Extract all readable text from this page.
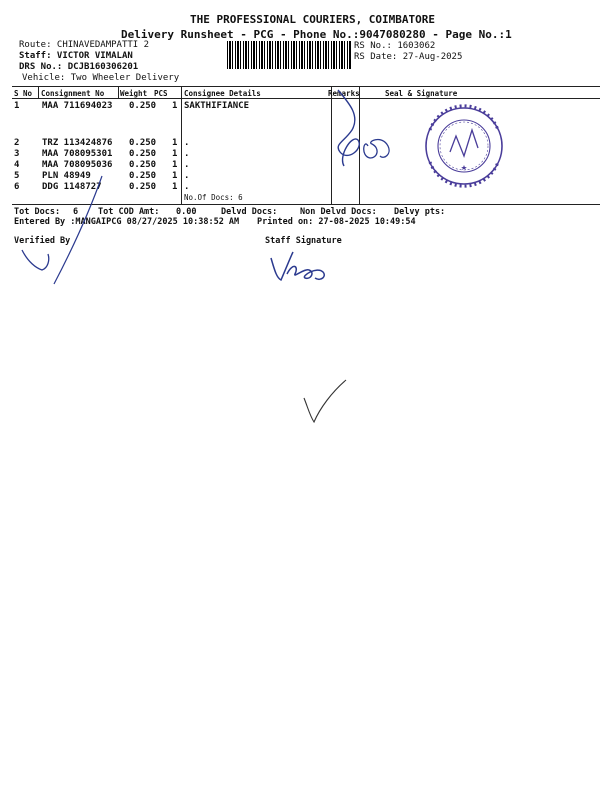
THE PROFESSIONAL COURIERS, COIMBATORE
Delivery Runsheet - PCG - Phone No.:9047080280 - Page No.:1
Route: CHINAVEDAMPATTI 2
Staff: VICTOR VIMALAN
DRS No.: DCJB160306201
Vehicle: Two Wheeler Delivery
RS No.: 1603062
RS Date: 27-Aug-2025
S No Consignment No Weight PCS Consignee Details	Remarks	Seal & Signature
1	MAA 711694023 0.250 1 SAKTHIFIANCE
2	TRZ 113424876 0.250 1 .
3	MAA 708095301 0.250 1 .
4	MAA 708095036 0.250 1 .
5	PLN 48949	0.250 1 .
6	DDG 1148727	0.250 1 .
No.Of Docs: 6
Tot Docs: 6 Tot COD Amt: 0.00	Delvd Docs:	Non Delvd Docs: Delvy pts:
Entered By :MANGAIPCG 08/27/2025 10:38:52 AM Printed on: 27-08-2025 10:49:54
Verified By	Staff Signature
